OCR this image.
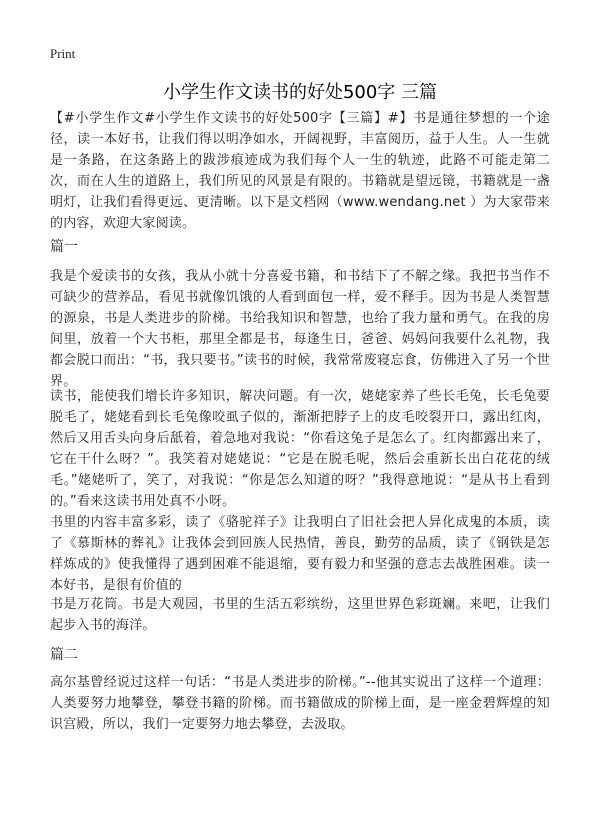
Print
小学生作文读书的好处500字 三篇

【#小学生作文#小学生作文读书的好处500字【三篇】#】书是通往梦想的一个途径，读一本好书，让我们得以明净如水，开阔视野，丰富阅历，益于人生。人一生就是一条路，在这条路上的跋涉痕迹成为我们每个人一生的轨迹，此路不可能走第二次，而在人生的道路上，我们所见的风景是有限的。书籍就是望远镜，书籍就是一盏明灯，让我们看得更远、更清晰。以下是文档网（www.wendang.net ）为大家带来的内容，欢迎大家阅读。

篇一

我是个爱读书的女孩，我从小就十分喜爱书籍，和书结下了不解之缘。我把书当作不可缺少的营养品，看见书就像饥饿的人看到面包一样，爱不释手。因为书是人类智慧的源泉，书是人类进步的阶梯。书给我知识和智慧，也给了我力量和勇气。在我的房间里，放着一个大书柜，那里全都是书，每逢生日，爸爸、妈妈问我要什么礼物，我都会脱口而出：“书，我只要书。”读书的时候，我常常废寝忘食，仿佛进入了另一个世界。

读书，能使我们增长许多知识，解决问题。有一次，姥姥家养了些长毛兔，长毛兔要脱毛了，姥姥看到长毛兔像咬虱子似的，渐渐把脖子上的皮毛咬裂开口，露出红肉，然后又用舌头向身后舐着，着急地对我说：“你看这兔子是怎么了。红肉都露出来了，它在干什么呀？”。我笑着对姥姥说：“它是在脱毛呢，然后会重新长出白花花的绒毛。”姥姥听了，笑了，对我说：“你是怎么知道的呀？”我得意地说：“是从书上看到的。”看来这读书用处真不小呀。

书里的内容丰富多彩，读了《骆驼祥子》让我明白了旧社会把人异化成鬼的本质，读了《慕斯林的葬礼》让我体会到回族人民热情，善良，勤劳的品质，读了《钢铁是怎样炼成的》使我懂得了遇到困难不能退缩，要有毅力和坚强的意志去战胜困难。读一本好书，是很有价值的

书是万花筒。书是大观园，书里的生活五彩缤纷，这里世界色彩斑斓。来吧，让我们起步入书的海洋。

篇二

高尔基曾经说过这样一句话：“书是人类进步的阶梯。”--他其实说出了这样一个道理：人类要努力地攀登，攀登书籍的阶梯。而书籍做成的阶梯上面，是一座金碧辉煌的知识宫殿，所以，我们一定要努力地去攀登，去汲取。
